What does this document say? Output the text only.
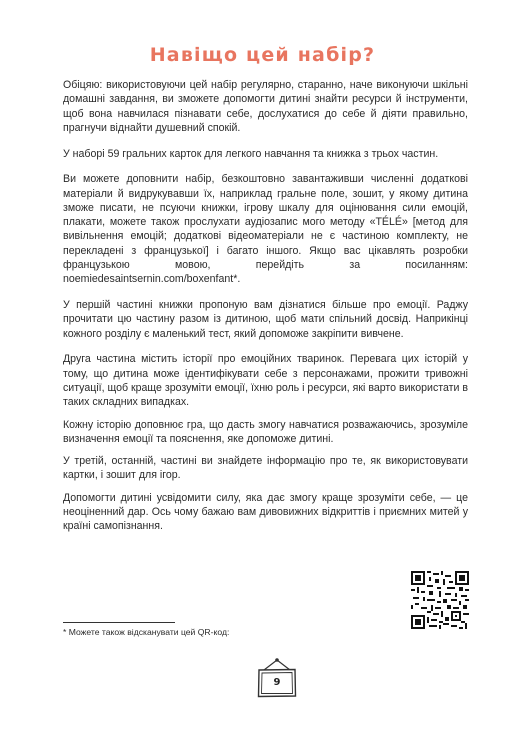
Навіщо цей набір?

Обіцяю: використовуючи цей набір регулярно, старанно, наче виконуючи шкільні домашні завдання, ви зможете допомогти дитині знайти ресурси й інструменти, щоб вона навчилася пізнавати себе, дослухатися до себе й діяти правильно, прагнучи віднайти душевний спокій.

У наборі 59 гральних карток для легкого навчання та книжка з трьох частин.

Ви можете доповнити набір, безкоштовно завантаживши численні додаткові матеріали й видрукувавши їх, наприклад гральне поле, зошит, у якому дитина зможе писати, не псуючи книжки, ігрову шкалу для оцінювання сили емоцій, плакати, можете також прослухати аудіозапис мого методу «TÉLÉ» [метод для вивільнення емоцій; додаткові відеоматеріали не є частиною комплекту, не перекладені з французької] і багато іншого. Якщо вас цікавлять розробки французькою мовою, перейдіть за посиланням: noemiedesaintsernin.com/boxenfant*.

У першій частині книжки пропоную вам дізнатися більше про емоції. Раджу прочитати цю частину разом із дитиною, щоб мати спільний досвід. Наприкінці кожного розділу є маленький тест, який допоможе закріпити вивчене.

Друга частина містить історії про емоційних тваринок. Перевага цих історій у тому, що дитина може ідентифікувати себе з персонажами, прожити тривожні ситуації, щоб краще зрозуміти емоції, їхню роль і ресурси, які варто використати в таких складних випадках.

Кожну історію доповнює гра, що дасть змогу навчатися розважаючись, зрозуміле визначення емоції та пояснення, яке допоможе дитині.

У третій, останній, частині ви знайдете інформацію про те, як використовувати картки, і зошит для ігор.

Допомогти дитині усвідомити силу, яка дає змогу краще зрозуміти себе, — це неоціненний дар. Ось чому бажаю вам дивовижних відкриттів і приємних митей у країні самопізнання.

* Можете також відсканувати цей QR-код:
9
